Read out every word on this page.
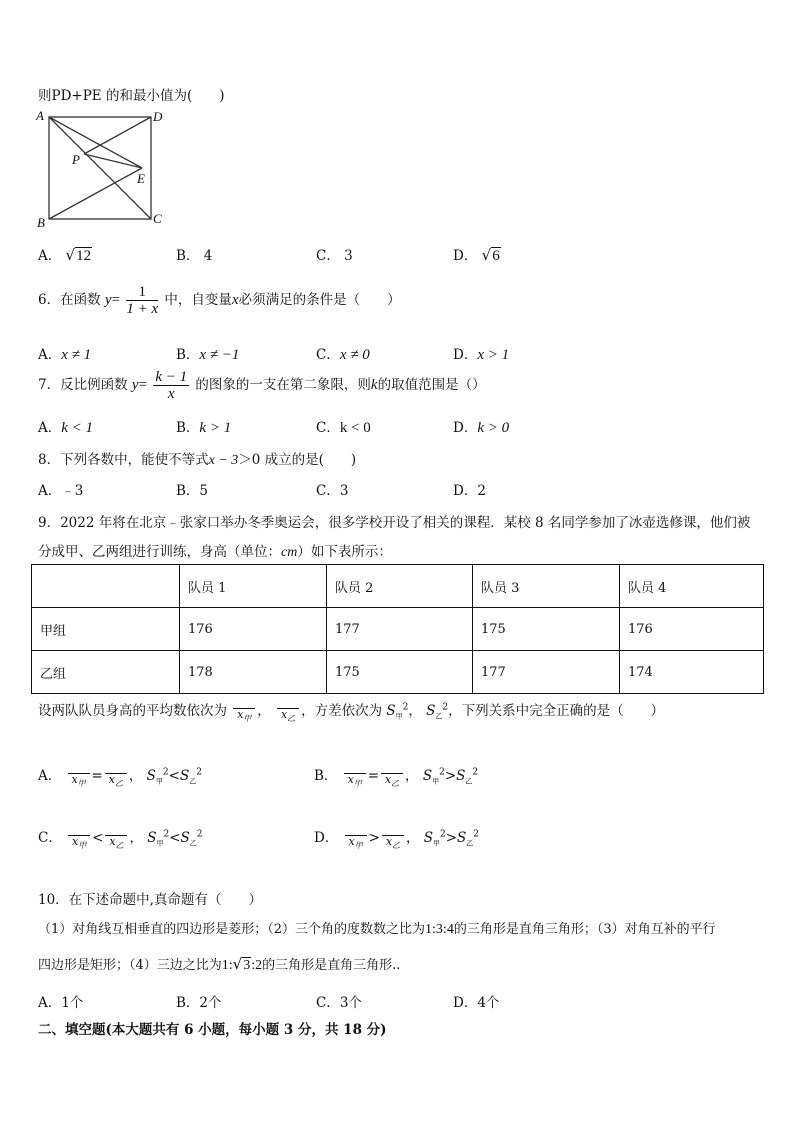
则PD+PE 的和最小值为(　　)
A	D
B	C
P
E
A． √12	B． 4	C． 3	D． √6
6．在函数 $y= \frac{1}{1 + x}$ 中，自变量x必须满足的条件是（　　）
A．x ≠ 1	B．x ≠ −1	C．x ≠ 0	D．x > 1
7．反比例函数 $y= \frac{k - 1}{x}$ 的图象的一支在第二象限，则k的取值范围是（）
A．k < 1	B．k > 1	C．k < 0	D．k > 0
8．下列各数中，能使不等式x − 3＞0 成立的是(　　)
A．﹣3	B．5	C．3	D．2
9．2022 年将在北京﹣张家口举办冬季奥运会，很多学校开设了相关的课程．某校 8 名同学参加了冰壶选修课，他们被
分成甲、乙两组进行训练，身高（单位：cm）如下表所示：
	队员 1	队员 2	队员 3	队员 4
甲组	176	177	175	176
乙组	178	175	177	174
设两队队员身高的平均数依次为 $x_甲$ ， $x_乙$ ，方差依次为 $S_甲^2$， $S_乙^2$，下列关系中完全正确的是（　　）
A． $x_甲 = x_乙$ ， $S_甲^2<S_乙^2$	B． $x_甲 = x_乙$ ， $S_甲^2>S_乙^2$
C． $x_甲 < x_乙$ ， $S_甲^2<S_乙^2$	D． $x_甲 > x_乙$ ， $S_甲^2>S_乙^2$
10．在下述命题中,真命题有（　　）
（1）对角线互相垂直的四边形是菱形；（2）三个角的度数数之比为1:3:4的三角形是直角三角形；（3）对角互补的平行
四边形是矩形；（4）三边之比为1:√3:2的三角形是直角三角形..
A．1个	B．2个	C．3个	D．4个
二、填空题(本大题共有 6 小题，每小题 3 分，共 18 分)
